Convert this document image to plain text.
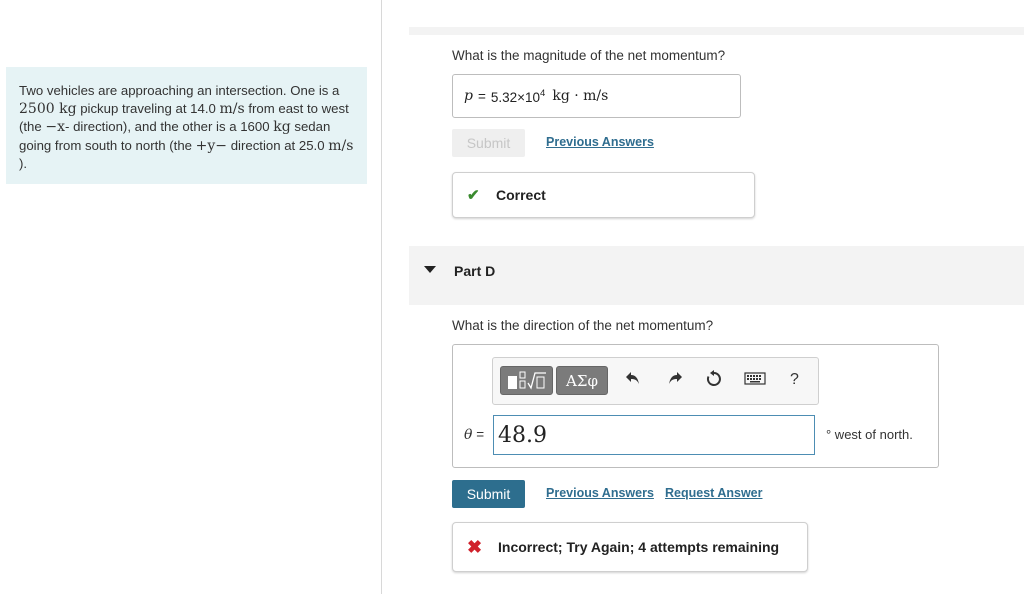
Two vehicles are approaching an intersection. One is a 2500 kg pickup traveling at 14.0 m/s from east to west (the −x- direction), and the other is a 1600 kg sedan going from south to north (the +y− direction at 25.0 m/s ).
What is the magnitude of the net momentum?
$p = 5.32\times 10^4$ kg · m/s
Submit	Previous Answers
✔	Correct
Part D
What is the direction of the net momentum?
ΑΣφ	?
θ =
48.9	° west of north.
Submit	Previous Answers Request Answer
✖	Incorrect; Try Again; 4 attempts remaining
